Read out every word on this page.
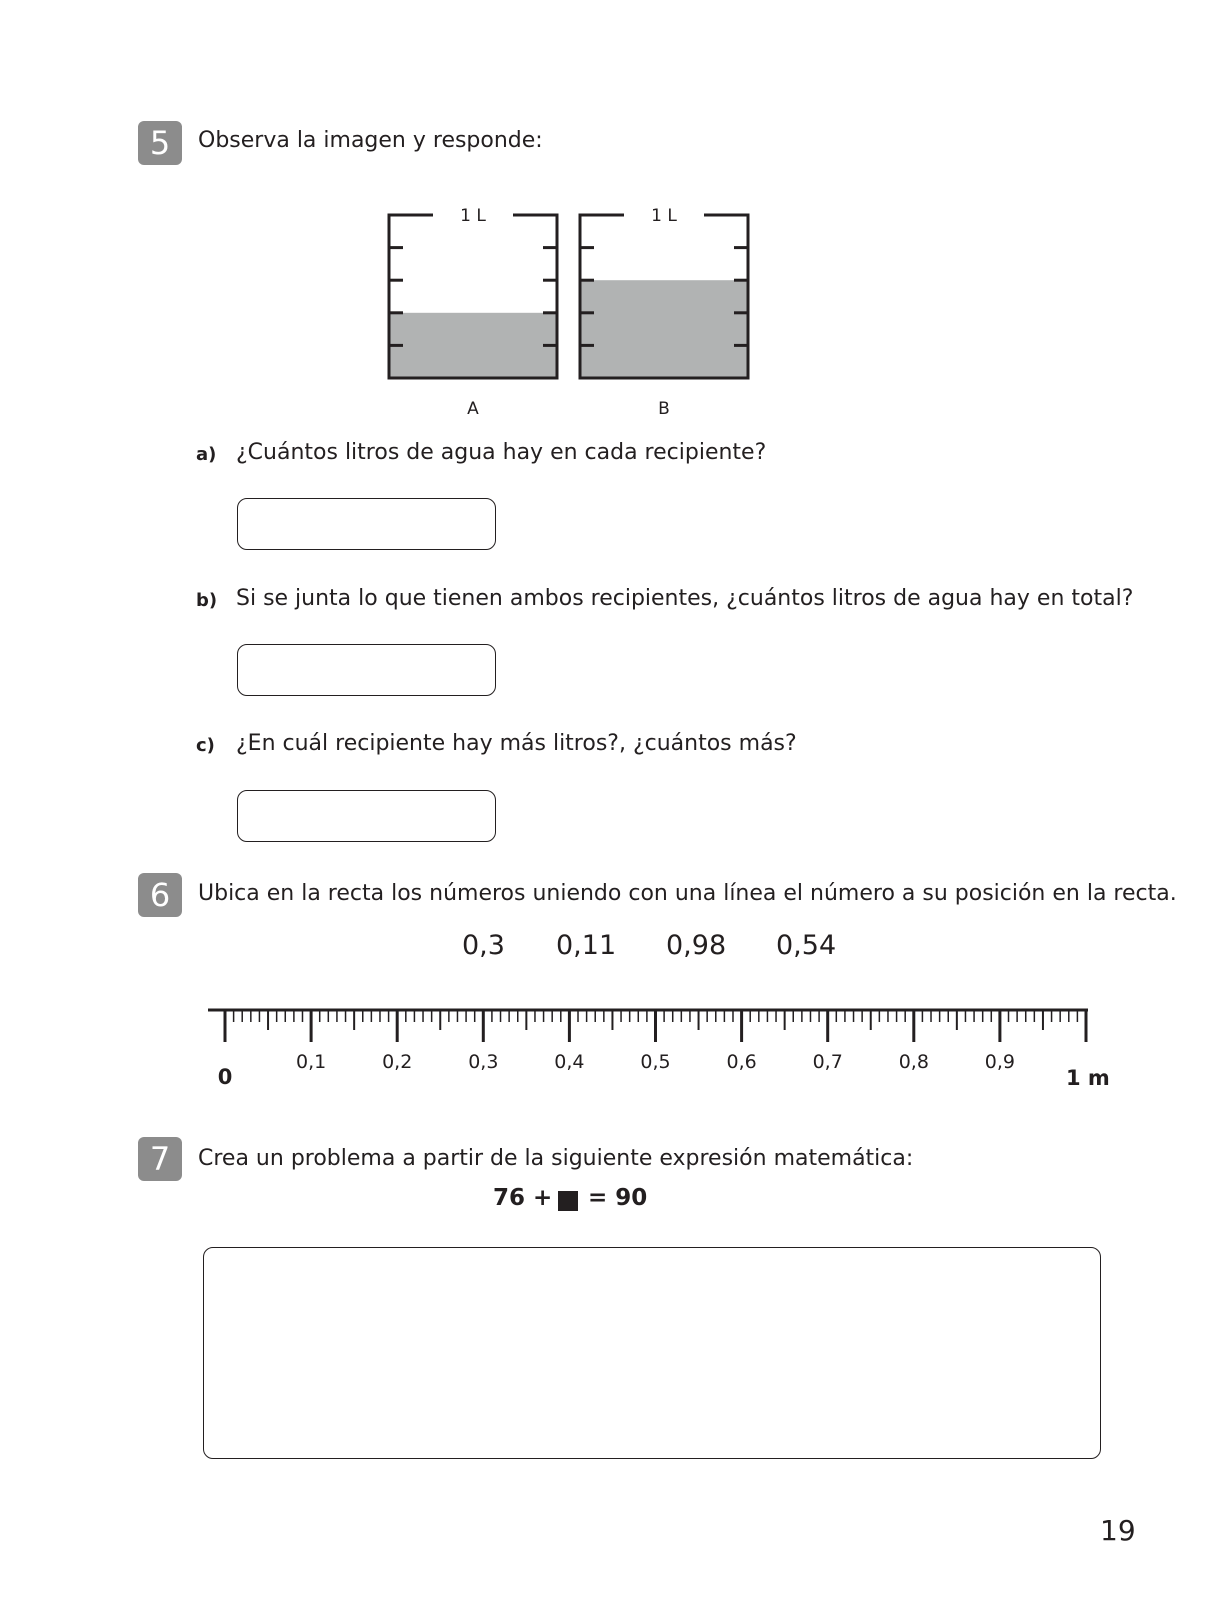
5	Observa la imagen y responde:
1 L
A
1 L
B
a) ¿Cuántos litros de agua hay en cada recipiente?
b) Si se junta lo que tienen ambos recipientes, ¿cuántos litros de agua hay en total?
c) ¿En cuál recipiente hay más litros?, ¿cuántos más?
6	Ubica en la recta los números uniendo con una línea el número a su posición en la recta.
0,3 0,11 0,98 0,54
0
0,1	0,2	0,3	0,4	0,5	0,6	0,7	0,8	0,9
1 m
7	Crea un problema a partir de la siguiente expresión matemática:
76 + = 90
19
